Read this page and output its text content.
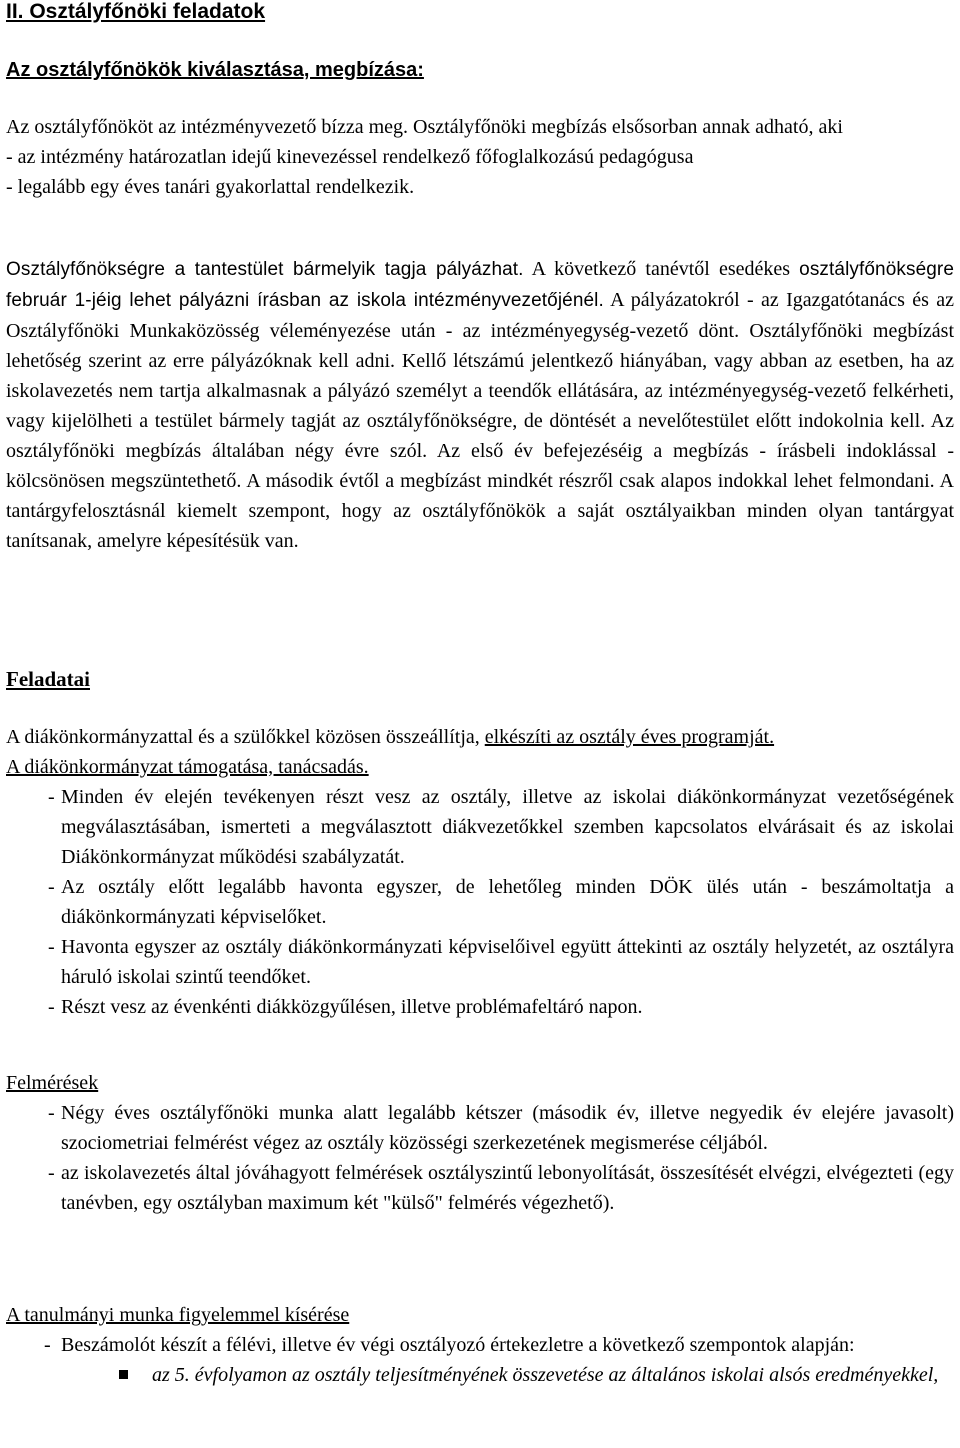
II. Osztályfőnöki feladatok
Az osztályfőnökök kiválasztása, megbízása:

Az osztályfőnököt az intézményvezető bízza meg. Osztályfőnöki megbízás elsősorban annak adható, aki

- az intézmény határozatlan idejű kinevezéssel rendelkező főfoglalkozású pedagógusa
- legalább egy éves tanári gyakorlattal rendelkezik.

Osztályfőnökségre a tantestület bármelyik tagja pályázhat. A következő tanévtől esedékes osztályfőnökségre február 1-jéig lehet pályázni írásban az iskola intézményvezetőjénél. A pályázatokról - az Igazgatótanács és az Osztályfőnöki Munkaközösség véleményezése után - az intézményegység-vezető dönt. Osztályfőnöki megbízást lehetőség szerint az erre pályázóknak kell adni. Kellő létszámú jelentkező hiányában, vagy abban az esetben, ha az iskolavezetés nem tartja alkalmasnak a pályázó személyt a teendők ellátására, az intézményegység-vezető felkérheti, vagy kijelölheti a testület bármely tagját az osztályfőnökségre, de döntését a nevelőtestület előtt indokolnia kell. Az osztályfőnöki megbízás általában négy évre szól. Az első év befejezéséig a megbízás - írásbeli indoklással - kölcsönösen megszüntethető. A második évtől a megbízást mindkét részről csak alapos indokkal lehet felmondani. A tantárgyfelosztásnál kiemelt szempont, hogy az osztályfőnökök a saját osztályaikban minden olyan tantárgyat tanítsanak, amelyre képesítésük van.

Feladatai

A diákönkormányzattal és a szülőkkel közösen összeállítja, elkészíti az osztály éves programját.

A diákönkormányzat támogatása, tanácsadás.
- Minden év elején tevékenyen részt vesz az osztály, illetve az iskolai diákönkormányzat vezetőségének megválasztásában, ismerteti a megválasztott diákvezetőkkel szemben kapcsolatos elvárásait és az iskolai Diákönkormányzat működési szabályzatát.
- Az osztály előtt legalább havonta egyszer, de lehetőleg minden DÖK ülés után - beszámoltatja a diákönkormányzati képviselőket.
- Havonta egyszer az osztály diákönkormányzati képviselőivel együtt áttekinti az osztály helyzetét, az osztályra háruló iskolai szintű teendőket.
- Részt vesz az évenkénti diákközgyűlésen, illetve problémafeltáró napon.
Felmérések
- Négy éves osztályfőnöki munka alatt legalább kétszer (második év, illetve negyedik év elejére javasolt) szociometriai felmérést végez az osztály közösségi szerkezetének megismerése céljából.
- az iskolavezetés által jóváhagyott felmérések osztályszintű lebonyolítását, összesítését elvégzi, elvégezteti (egy tanévben, egy osztályban maximum két "külső" felmérés végezhető).
A tanulmányi munka figyelemmel kísérése
- Beszámolót készít a félévi, illetve év végi osztályozó értekezletre a következő szempontok alapján:
az 5. évfolyamon az osztály teljesítményének összevetése az általános iskolai alsós eredményekkel,
